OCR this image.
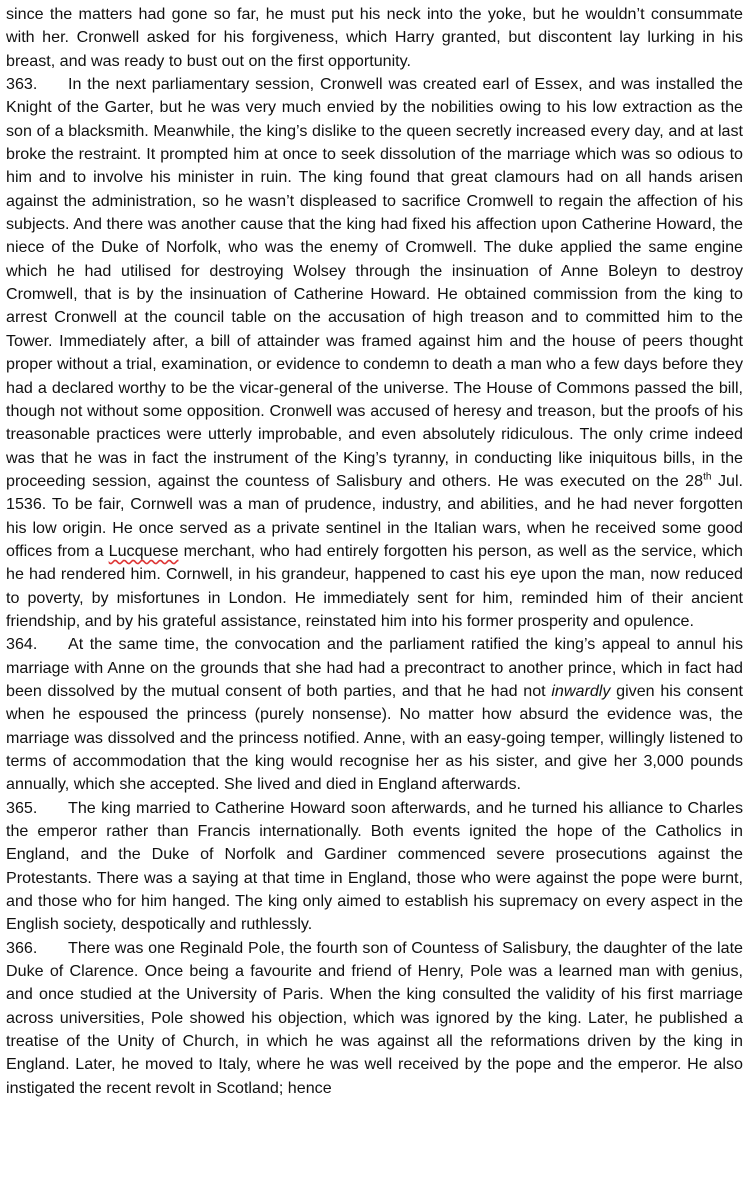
since the matters had gone so far, he must put his neck into the yoke, but he wouldn’t consummate with her. Cronwell asked for his forgiveness, which Harry granted, but discontent lay lurking in his breast, and was ready to bust out on the first opportunity.

363. In the next parliamentary session, Cronwell was created earl of Essex, and was installed the Knight of the Garter, but he was very much envied by the nobilities owing to his low extraction as the son of a blacksmith. Meanwhile, the king’s dislike to the queen secretly increased every day, and at last broke the restraint. It prompted him at once to seek dissolution of the marriage which was so odious to him and to involve his minister in ruin. The king found that great clamours had on all hands arisen against the administration, so he wasn’t displeased to sacrifice Cromwell to regain the affection of his subjects. And there was another cause that the king had fixed his affection upon Catherine Howard, the niece of the Duke of Norfolk, who was the enemy of Cromwell. The duke applied the same engine which he had utilised for destroying Wolsey through the insinuation of Anne Boleyn to destroy Cromwell, that is by the insinuation of Catherine Howard. He obtained commission from the king to arrest Cronwell at the council table on the accusation of high treason and to committed him to the Tower. Immediately after, a bill of attainder was framed against him and the house of peers thought proper without a trial, examination, or evidence to condemn to death a man who a few days before they had a declared worthy to be the vicar-general of the universe. The House of Commons passed the bill, though not without some opposition. Cronwell was accused of heresy and treason, but the proofs of his treasonable practices were utterly improbable, and even absolutely ridiculous. The only crime indeed was that he was in fact the instrument of the King’s tyranny, in conducting like iniquitous bills, in the proceeding session, against the countess of Salisbury and others. He was executed on the 28th Jul. 1536. To be fair, Cornwell was a man of prudence, industry, and abilities, and he had never forgotten his low origin. He once served as a private sentinel in the Italian wars, when he received some good offices from a Lucquese merchant, who had entirely forgotten his person, as well as the service, which he had rendered him. Cornwell, in his grandeur, happened to cast his eye upon the man, now reduced to poverty, by misfortunes in London. He immediately sent for him, reminded him of their ancient friendship, and by his grateful assistance, reinstated him into his former prosperity and opulence.

364. At the same time, the convocation and the parliament ratified the king’s appeal to annul his marriage with Anne on the grounds that she had had a precontract to another prince, which in fact had been dissolved by the mutual consent of both parties, and that he had not inwardly given his consent when he espoused the princess (purely nonsense). No matter how absurd the evidence was, the marriage was dissolved and the princess notified. Anne, with an easy-going temper, willingly listened to terms of accommodation that the king would recognise her as his sister, and give her 3,000 pounds annually, which she accepted. She lived and died in England afterwards.

365. The king married to Catherine Howard soon afterwards, and he turned his alliance to Charles the emperor rather than Francis internationally. Both events ignited the hope of the Catholics in England, and the Duke of Norfolk and Gardiner commenced severe prosecutions against the Protestants. There was a saying at that time in England, those who were against the pope were burnt, and those who for him hanged. The king only aimed to establish his supremacy on every aspect in the English society, despotically and ruthlessly.

366. There was one Reginald Pole, the fourth son of Countess of Salisbury, the daughter of the late Duke of Clarence. Once being a favourite and friend of Henry, Pole was a learned man with genius, and once studied at the University of Paris. When the king consulted the validity of his first marriage across universities, Pole showed his objection, which was ignored by the king. Later, he published a treatise of the Unity of Church, in which he was against all the reformations driven by the king in England. Later, he moved to Italy, where he was well received by the pope and the emperor. He also instigated the recent revolt in Scotland; hence
